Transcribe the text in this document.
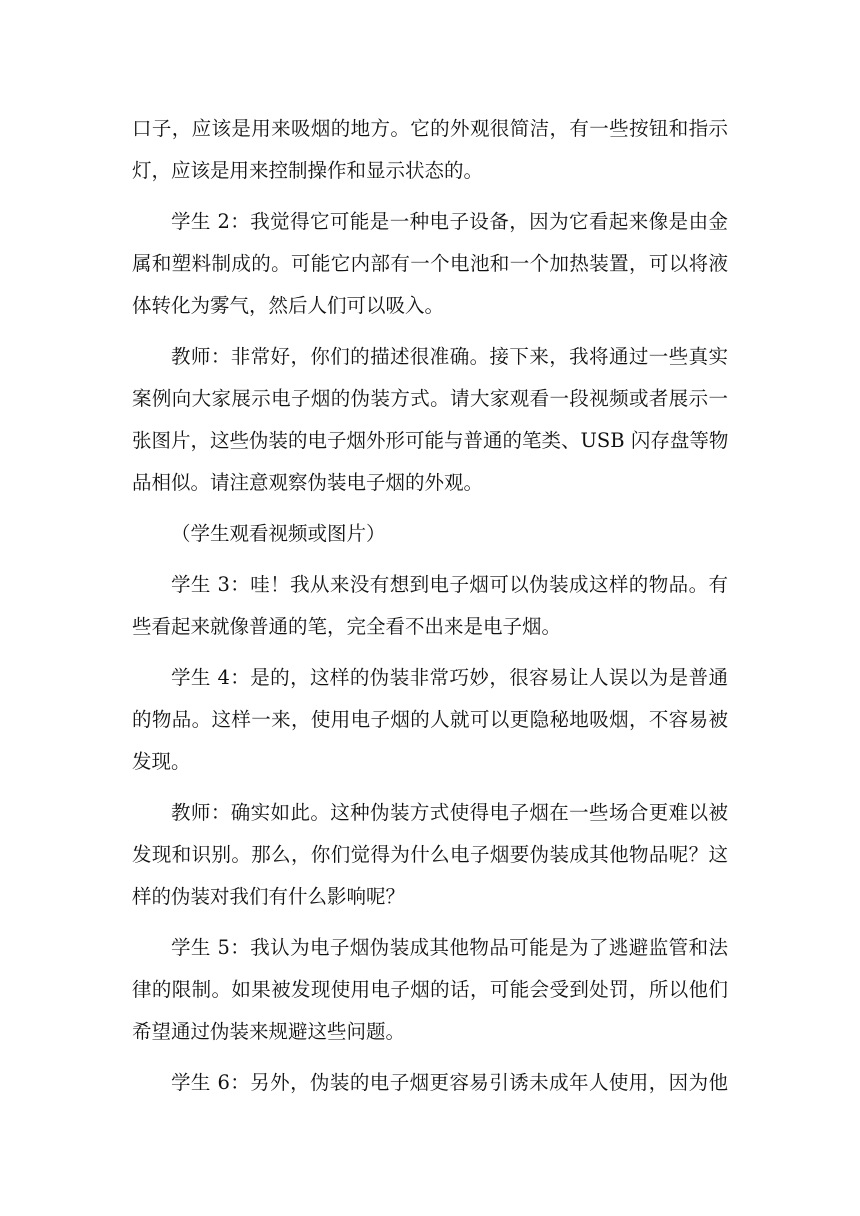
口子，应该是用来吸烟的地方。它的外观很简洁，有一些按钮和指示
灯，应该是用来控制操作和显示状态的。
学生 2：我觉得它可能是一种电子设备，因为它看起来像是由金
属和塑料制成的。可能它内部有一个电池和一个加热装置，可以将液
体转化为雾气，然后人们可以吸入。
教师：非常好，你们的描述很准确。接下来，我将通过一些真实
案例向大家展示电子烟的伪装方式。请大家观看一段视频或者展示一
张图片，这些伪装的电子烟外形可能与普通的笔类、USB 闪存盘等物
品相似。请注意观察伪装电子烟的外观。
（学生观看视频或图片）
学生 3：哇！我从来没有想到电子烟可以伪装成这样的物品。有
些看起来就像普通的笔，完全看不出来是电子烟。
学生 4：是的，这样的伪装非常巧妙，很容易让人误以为是普通
的物品。这样一来，使用电子烟的人就可以更隐秘地吸烟，不容易被
发现。
教师：确实如此。这种伪装方式使得电子烟在一些场合更难以被
发现和识别。那么，你们觉得为什么电子烟要伪装成其他物品呢？这
样的伪装对我们有什么影响呢？
学生 5：我认为电子烟伪装成其他物品可能是为了逃避监管和法
律的限制。如果被发现使用电子烟的话，可能会受到处罚，所以他们
希望通过伪装来规避这些问题。
学生 6：另外，伪装的电子烟更容易引诱未成年人使用，因为他
